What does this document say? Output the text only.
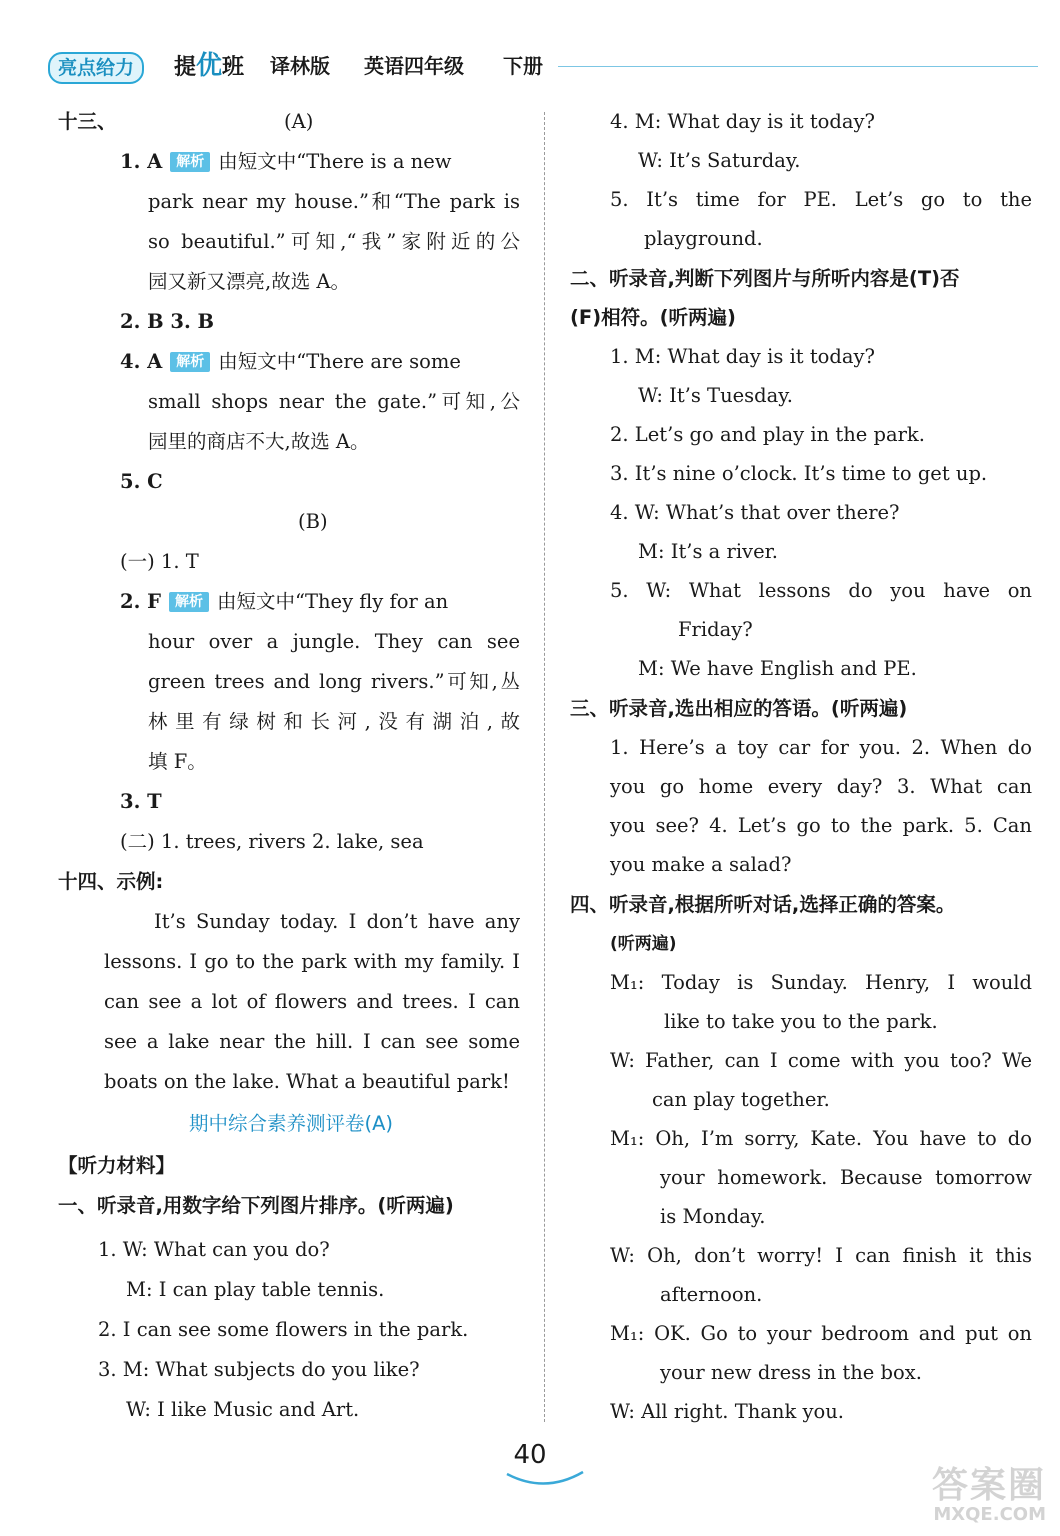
亮点给力	提优班 译林版 英语四年级 下册
十三、	(A)
1. A 解析 由短文中“There is a new
park near my house.”和“The park is
so beautiful.”可知,“我”家附近的公
园又新又漂亮,故选 A。
2. B 3. B
4. A 解析 由短文中“There are some
small shops near the gate.”可知,公
园里的商店不大,故选 A。
5. C
(B)
(一) 1. T
2. F 解析 由短文中“They fly for an
hour over a jungle. They can see
green trees and long rivers.”可知,丛
林里有绿树和长河,没有湖泊,故
填 F。
3. T
(二) 1. trees, rivers 2. lake, sea
十四、示例:
It’s Sunday today. I don’t have any
lessons. I go to the park with my family. I
can see a lot of flowers and trees. I can
see a lake near the hill. I can see some
boats on the lake. What a beautiful park!
期中综合素养测评卷(A)
【听力材料】
一、听录音,用数字给下列图片排序。(听两遍)
1. W: What can you do?
M: I can play table tennis.
2. I can see some flowers in the park.
3. M: What subjects do you like?
W: I like Music and Art.
4. M: What day is it today?
W: It’s Saturday.
5. It’s time for PE. Let’s go to the
playground.
二、听录音,判断下列图片与所听内容是(T)否
(F)相符。(听两遍)
1. M: What day is it today?
W: It’s Tuesday.
2. Let’s go and play in the park.
3. It’s nine o’clock. It’s time to get up.
4. W: What’s that over there?
M: It’s a river.
5. W: What lessons do you have on
Friday?
M: We have English and PE.
三、听录音,选出相应的答语。(听两遍)
1. Here’s a toy car for you. 2. When do
you go home every day? 3. What can
you see? 4. Let’s go to the park. 5. Can
you make a salad?
四、听录音,根据所听对话,选择正确的答案。
(听两遍)
M₁: Today is Sunday. Henry, I would
like to take you to the park.
W: Father, can I come with you too? We
can play together.
M₁: Oh, I’m sorry, Kate. You have to do
your homework. Because tomorrow
is Monday.
W: Oh, don’t worry! I can finish it this
afternoon.
M₁: OK. Go to your bedroom and put on
your new dress in the box.
W: All right. Thank you.
40
答案圈
MXQE.COM
